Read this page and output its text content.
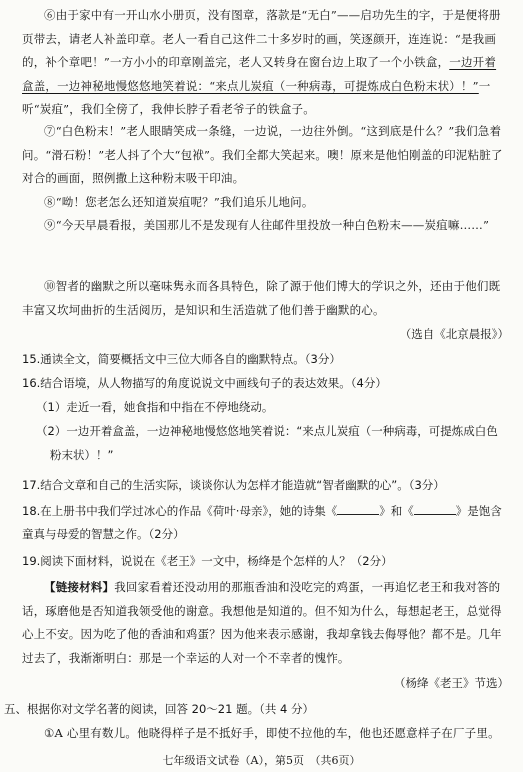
⑥由于家中有一开山水小册页，没有图章，落款是“无白”——启功先生的字，于是便将册页带去，请老人补盖印章。老人一看自己这件二十多岁时的画，笑逐颜开，连连说：“是我画的，补个章吧！”一方小小的印章刚盖完，老人又转身在窗台边上取了一个小铁盒，一边开着盒盖，一边神秘地慢悠悠地笑着说：“来点儿炭疽（一种病毒，可提炼成白色粉末状）！”一听“炭疽”，我们全傍了，我伸长脖子看老爷子的铁盒子。
⑦“白色粉末！”老人眼睛笑成一条缝，一边说，一边往外倒。“这到底是什么？”我们急着问。“滑石粉！”老人抖了个大“包袱”。我们全都大笑起来。噢！原来是他怕刚盖的印泥粘脏了对合的画面，照例撒上这种粉末吸干印油。
⑧“呦！您老怎么还知道炭疽呢？”我们追乐儿地问。
⑨“今天早晨看报，美国那儿不是发现有人往邮件里投放一种白色粉末——炭疽嘛……”
⑩智者的幽默之所以毫味隽永而各具特色，除了源于他们博大的学识之外，还由于他们既丰富又坎坷曲折的生活阅历，是知识和生活造就了他们善于幽默的心。
（选自《北京晨报》）
15.通读全文，简要概括文中三位大师各自的幽默特点。（3分）
16.结合语境，从人物描写的角度说说文中画线句子的表达效果。（4分）
（1）走近一看，她食指和中指在不停地绕动。
（2）一边开着盒盖，一边神秘地慢悠悠地笑着说：“来点儿炭疽（一种病毒，可提炼成白色
粉末状）！”
17.结合文章和自己的生活实际，谈谈你认为怎样才能造就“智者幽默的心”。（3分）
18.在上册书中我们学过冰心的作品《荷叶·母亲》，她的诗集《	》和《	》是饱含童真与母爱的智慧之作。（2分）
19.阅读下面材料，说说在《老王》一文中，杨绛是个怎样的人？（2分）
【链接材料】我回家看着还没动用的那瓶香油和没吃完的鸡蛋，一再追忆老王和我对答的话，琢磨他是否知道我领受他的谢意。我想他是知道的。但不知为什么，每想起老王，总觉得心上不安。因为吃了他的香油和鸡蛋？因为他来表示感谢，我却拿钱去侮辱他？都不是。几年过去了，我渐渐明白：那是一个幸运的人对一个不幸者的愧怍。
（杨绛《老王》节选）
五、根据你对文学名著的阅读，回答 20～21 题。（共 4 分）
①A 心里有数儿。他晓得样子是不抵好手，即使不拉他的车，他也还愿意样子在厂子里。
七年级语文试卷（A），第5页　（共6页）
